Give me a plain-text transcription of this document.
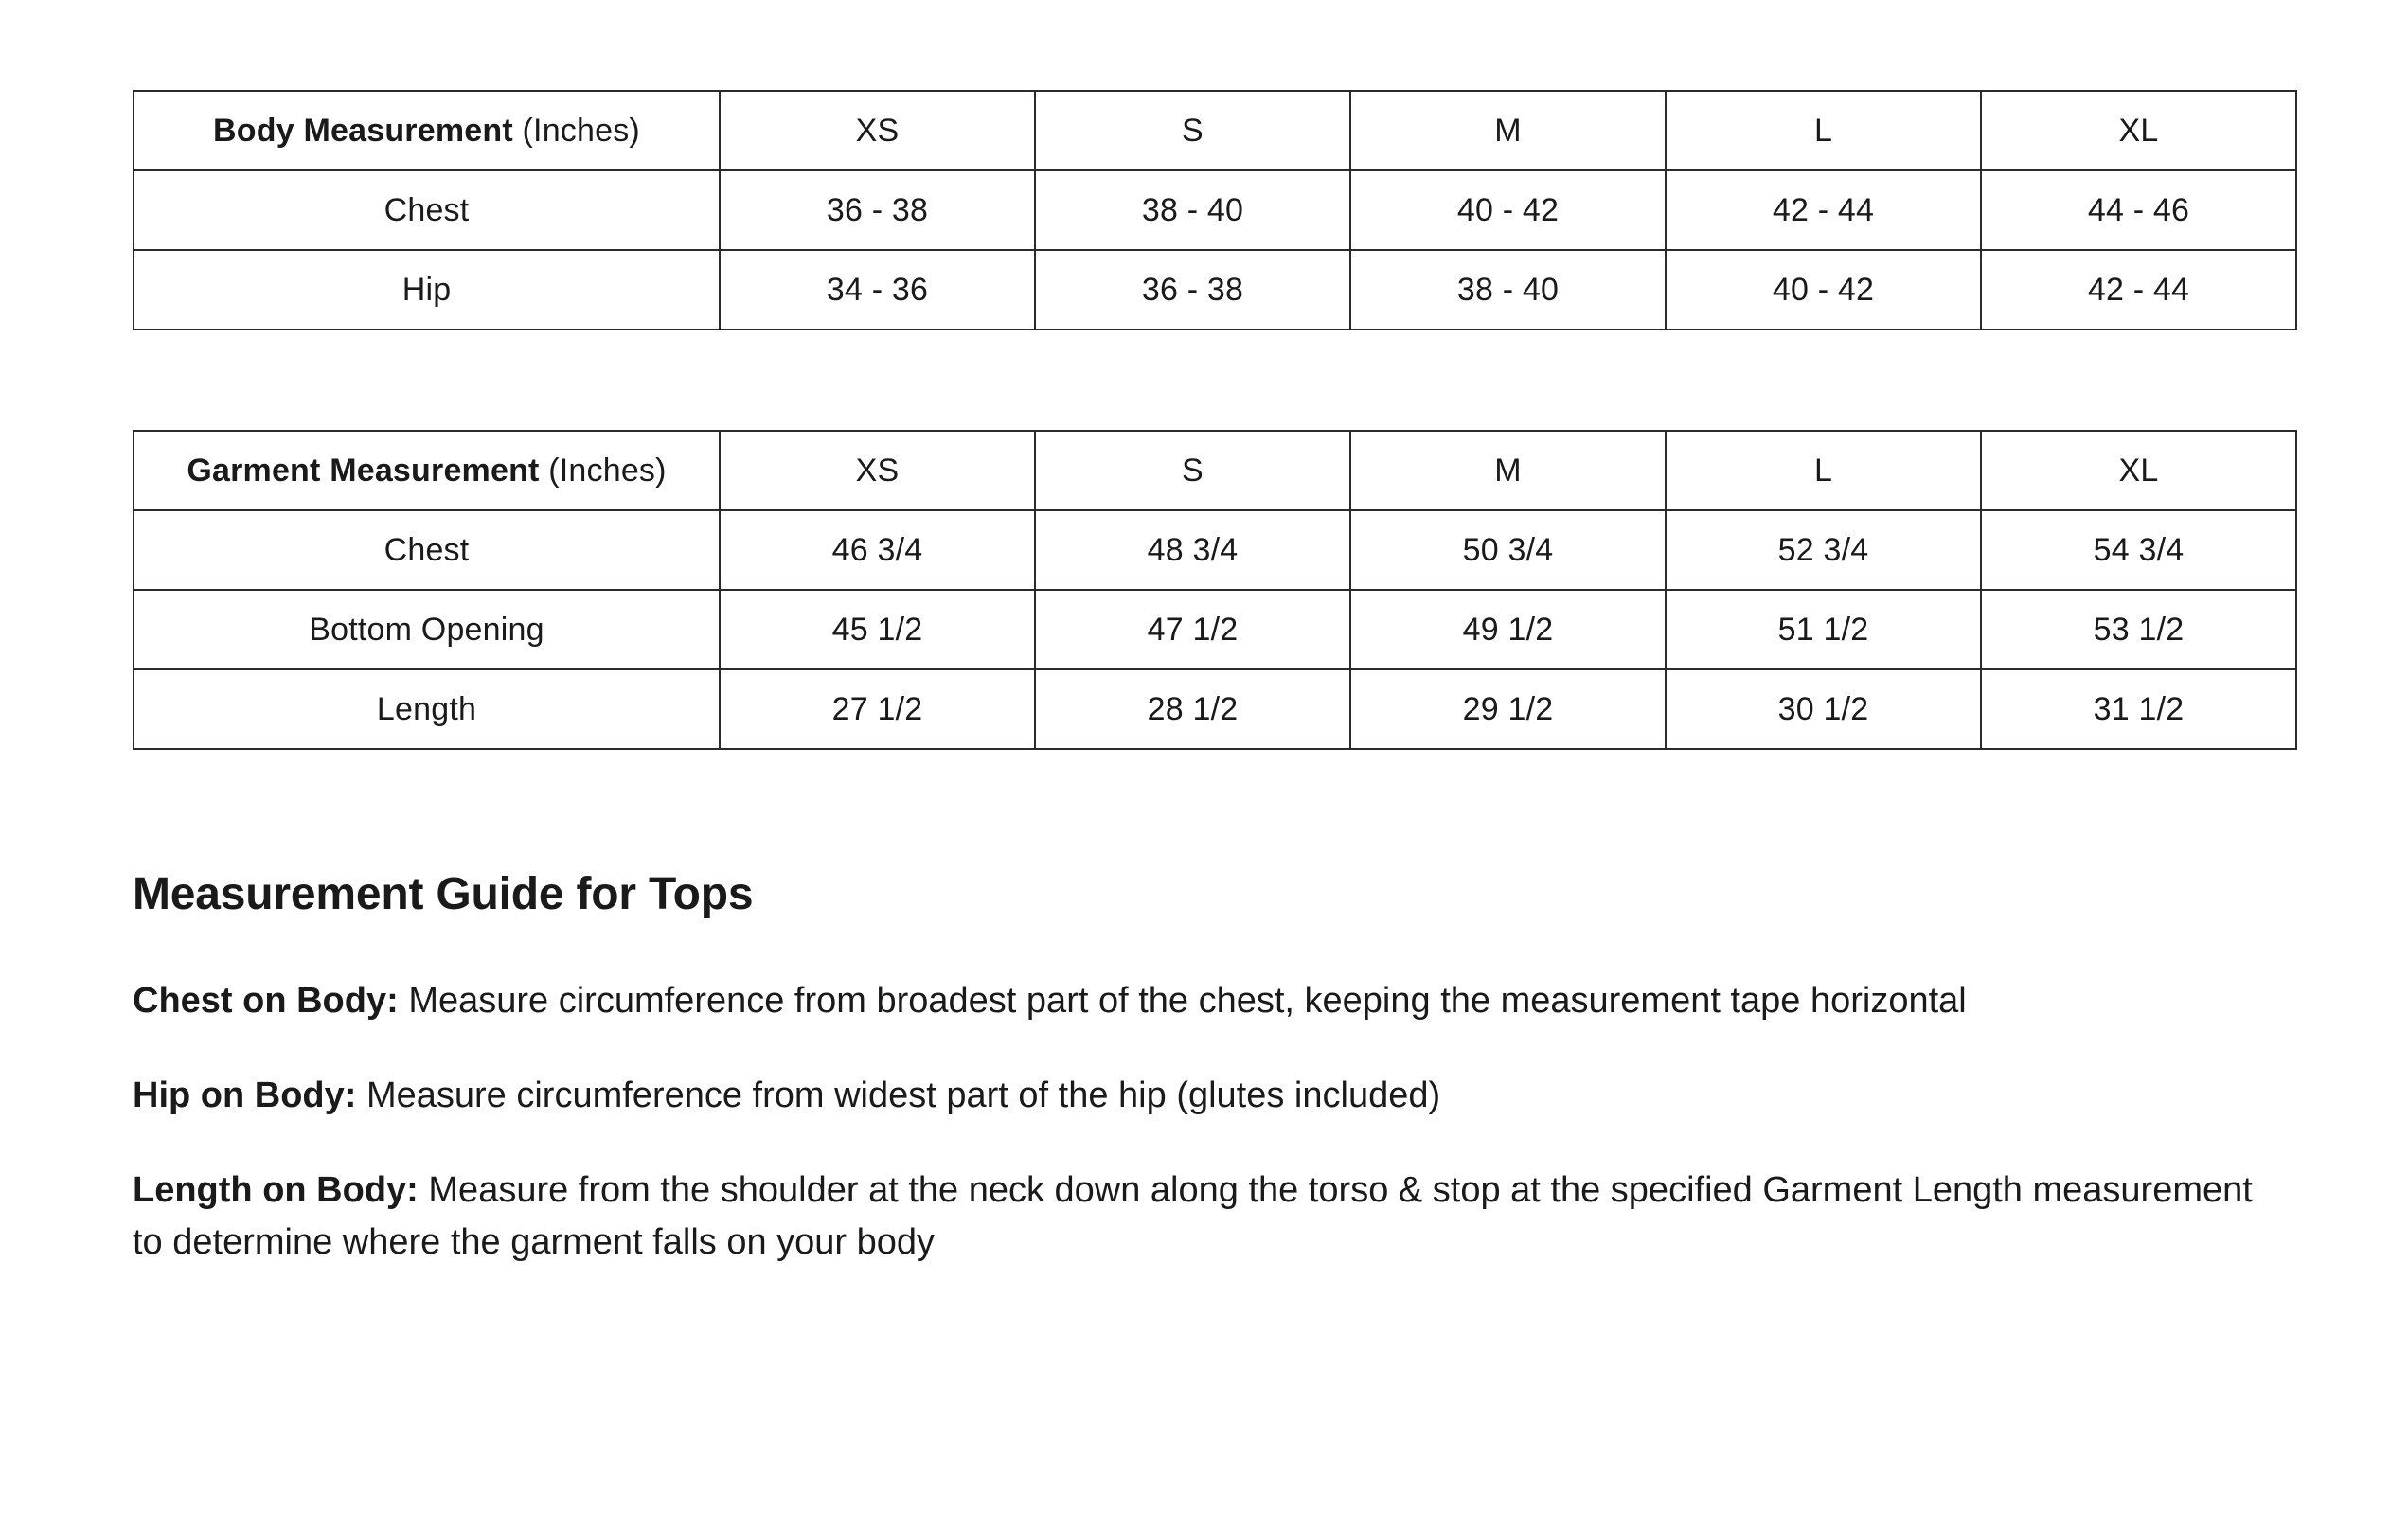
Body Measurement (Inches)	XS	S	M	L	XL
Chest	36 - 38	38 - 40	40 - 42	42 - 44	44 - 46
Hip	34 - 36	36 - 38	38 - 40	40 - 42	42 - 44
Garment Measurement (Inches)	XS	S	M	L	XL
Chest	46 3/4	48 3/4	50 3/4	52 3/4	54 3/4
Bottom Opening	45 1/2	47 1/2	49 1/2	51 1/2	53 1/2
Length	27 1/2	28 1/2	29 1/2	30 1/2	31 1/2
Measurement Guide for Tops

Chest on Body: Measure circumference from broadest part of the chest, keeping the measurement tape horizontal

Hip on Body: Measure circumference from widest part of the hip (glutes included)

Length on Body: Measure from the shoulder at the neck down along the torso & stop at the specified Garment Length measurement to determine where the garment falls on your body
